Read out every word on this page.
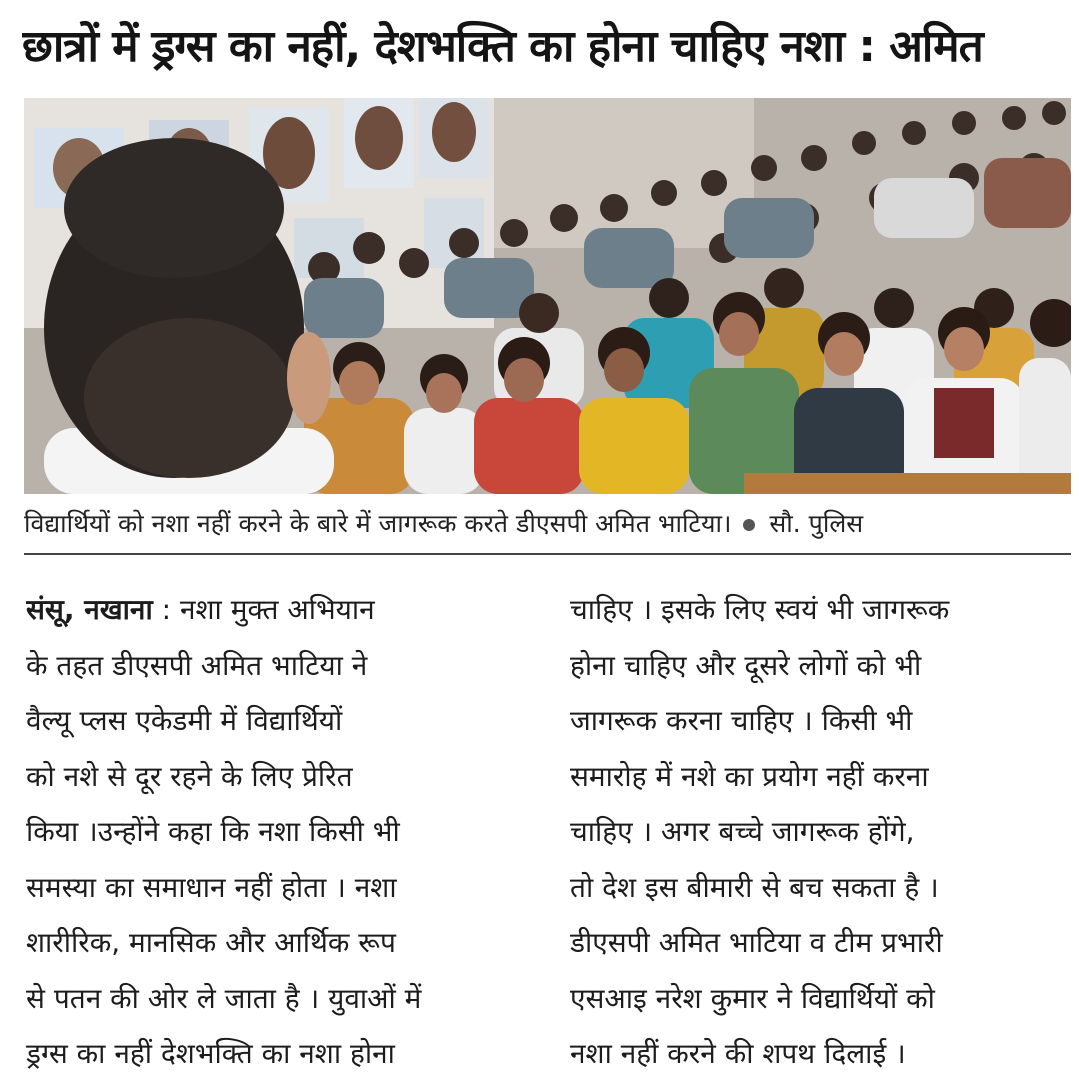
छात्रों में ड्रग्स का नहीं, देशभक्ति का होना चाहिए नशा : अमित
विद्यार्थियों को नशा नहीं करने के बारे में जागरूक करते डीएसपी अमित भाटिया। सौ. पुलिस
संसू, नखाना : नशा मुक्त अभियान
के तहत डीएसपी अमित भाटिया ने
वैल्यू प्लस एकेडमी में विद्यार्थियों
को नशे से दूर रहने के लिए प्रेरित
किया ।उन्होंने कहा कि नशा किसी भी
समस्या का समाधान नहीं होता । नशा
शारीरिक, मानसिक और आर्थिक रूप
से पतन की ओर ले जाता है । युवाओं में
ड्रग्स का नहीं देशभक्ति का नशा होना
चाहिए । इसके लिए स्वयं भी जागरूक
होना चाहिए और दूसरे लोगों को भी
जागरूक करना चाहिए । किसी भी
समारोह में नशे का प्रयोग नहीं करना
चाहिए । अगर बच्चे जागरूक होंगे,
तो देश इस बीमारी से बच सकता है ।
डीएसपी अमित भाटिया व टीम प्रभारी
एसआइ नरेश कुमार ने विद्यार्थियों को
नशा नहीं करने की शपथ दिलाई ।
